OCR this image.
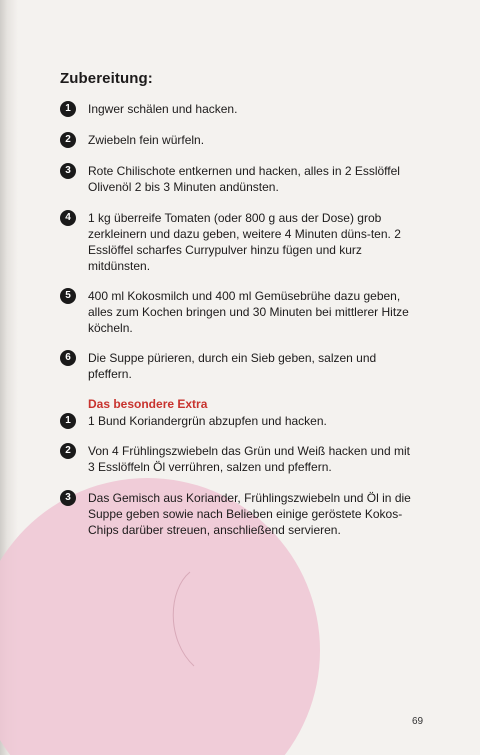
Zubereitung:
1	Ingwer schälen und hacken.
2	Zwiebeln fein würfeln.
3	Rote Chilischote entkernen und hacken, alles in 2 Esslöffel Olivenöl 2 bis 3 Minuten andünsten.
4	1 kg überreife Tomaten (oder 800 g aus der Dose) grob zerkleinern und dazu geben, weitere 4 Minuten düns-ten. 2 Esslöffel scharfes Currypulver hinzu fügen und kurz mitdünsten.
5	400 ml Kokosmilch und 400 ml Gemüsebrühe dazu geben, alles zum Kochen bringen und 30 Minuten bei mittlerer Hitze köcheln.
6	Die Suppe pürieren, durch ein Sieb geben, salzen und pfeffern.
Das besondere Extra
1	1 Bund Koriandergrün abzupfen und hacken.
2	Von 4 Frühlingszwiebeln das Grün und Weiß hacken und mit 3 Esslöffeln Öl verrühren, salzen und pfeffern.
3	Das Gemisch aus Koriander, Frühlingszwiebeln und Öl in die Suppe geben sowie nach Belieben einige geröstete Kokos-Chips darüber streuen, anschließend servieren.
69
